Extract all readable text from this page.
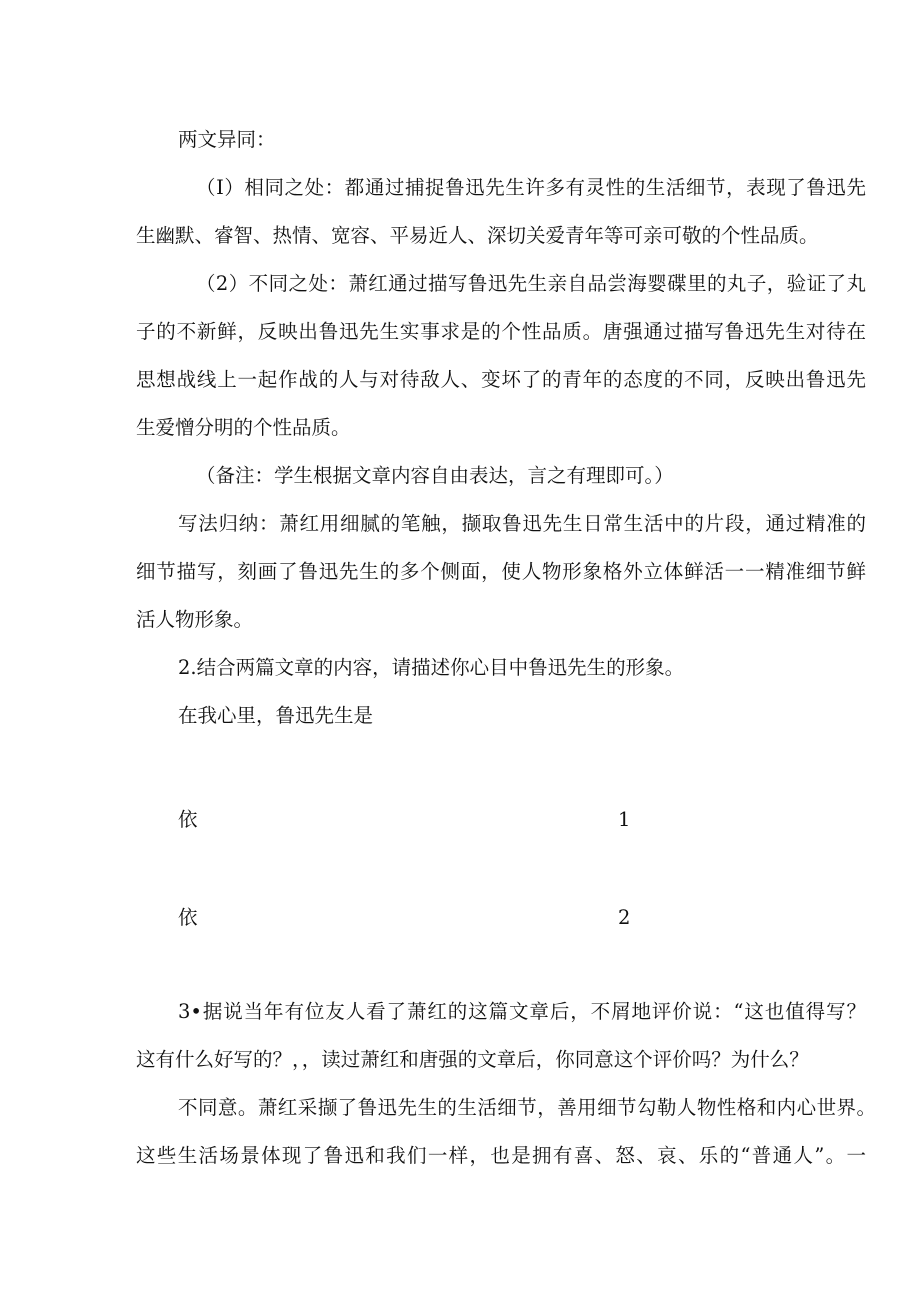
两文异同：

（I）相同之处：都通过捕捉鲁迅先生许多有灵性的生活细节，表现了鲁迅先

生幽默、睿智、热情、宽容、平易近人、深切关爱青年等可亲可敬的个性品质。

（2）不同之处：萧红通过描写鲁迅先生亲自品尝海婴碟里的丸子，验证了丸

子的不新鲜，反映出鲁迅先生实事求是的个性品质。唐强通过描写鲁迅先生对待在

思想战线上一起作战的人与对待敌人、变坏了的青年的态度的不同，反映出鲁迅先

生爱憎分明的个性品质。

（备注：学生根据文章内容自由表达，言之有理即可。）

写法归纳：萧红用细腻的笔触，撷取鲁迅先生日常生活中的片段，通过精准的

细节描写，刻画了鲁迅先生的多个侧面，使人物形象格外立体鲜活一一精准细节鲜

活人物形象。

2.结合两篇文章的内容，请描述你心目中鲁迅先生的形象。

在我心里，鲁迅先生是

依	1

依	2

3•据说当年有位友人看了萧红的这篇文章后，不屑地评价说：“这也值得写？

这有什么好写的？，，读过萧红和唐强的文章后，你同意这个评价吗？为什么？

不同意。萧红采撷了鲁迅先生的生活细节，善用细节勾勒人物性格和内心世界。

这些生活场景体现了鲁迅和我们一样，也是拥有喜、怒、哀、乐的“普通人”。一
